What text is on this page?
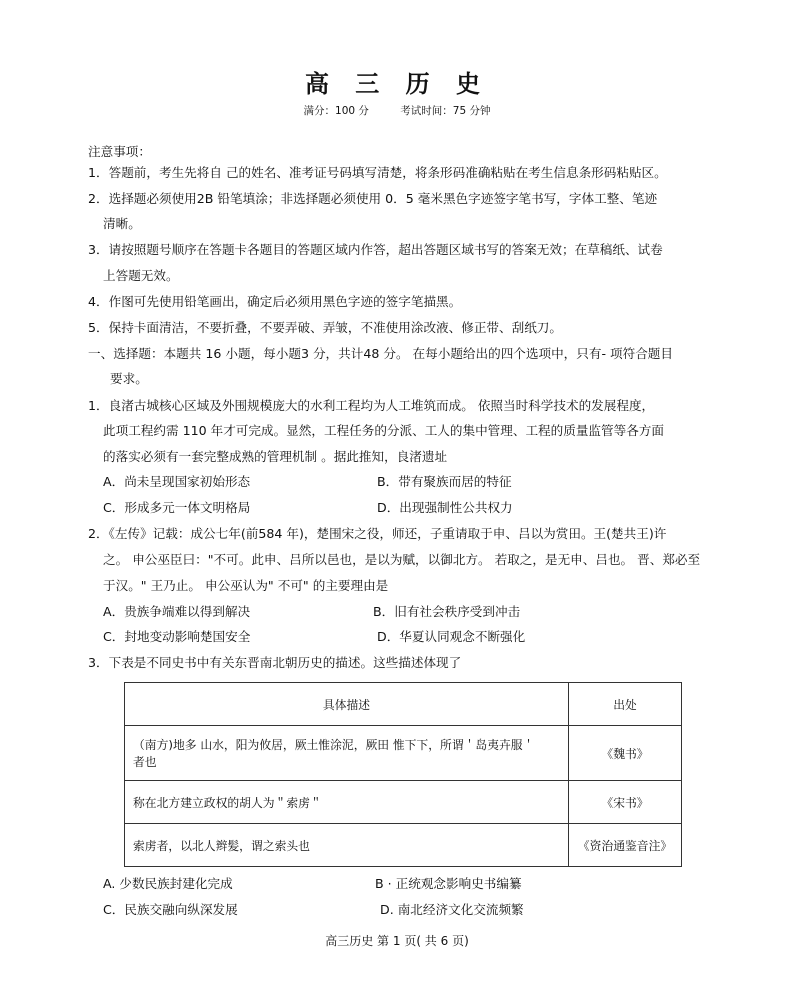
高 三 历 史
满分：100 分	考试时间：75 分钟
注意事项：
1．答题前，考生先将自 己的姓名、准考证号码填写清楚，将条形码准确粘贴在考生信息条形码粘贴区。
2．选择题必须使用2B 铅笔填涂；非选择题必须使用 0．5 毫米黑色字迹签字笔书写，字体工整、笔迹
清晰。
3．请按照题号顺序在答题卡各题目的答题区域内作答，超出答题区域书写的答案无效；在草稿纸、试卷
上答题无效。
4．作图可先使用铅笔画出，确定后必须用黑色字迹的签字笔描黑。
5．保持卡面清洁，不要折叠，不要弄破、弄皱，不准使用涂改液、修正带、刮纸刀。
一、选择题：本题共 16 小题，每小题3 分，共计48 分。 在每小题给出的四个选项中，只有- 项符合题目
要求。
1．良渚古城核心区域及外围规模庞大的水利工程均为人工堆筑而成。 依照当时科学技术的发展程度，
此项工程约需 110 年才可完成。显然，工程任务的分派、工人的集中管理、工程的质量监管等各方面
的落实必须有一套完整成熟的管理机制 。据此推知，良渚遗址
A．尚未呈现国家初始形态	B．带有聚族而居的特征
C．形成多元一体文明格局	D．出现强制性公共权力
2．《左传》记载：成公七年(前584 年)，楚围宋之役，师还，子重请取于申、吕以为赏田。王(楚共王)许
之。 申公巫臣曰："不可。此申、吕所以邑也，是以为赋，以御北方。 若取之，是无申、吕也。 晋、郑必至
于汉。" 王乃止。 申公巫认为" 不可" 的主要理由是
A．贵族争端难以得到解决	B．旧有社会秩序受到冲击
C．封地变动影响楚国安全	D．华夏认同观念不断强化
3．下表是不同史书中有关东晋南北朝历史的描述。这些描述体现了
具体描述	出处

（南方)地多 山水，阳为攸居，厥土惟涂泥，厥田 惟下下，所谓＇岛夷卉服＇
者也	《魏书》
称在北方建立政权的胡人为＂索虏＂	《宋书》
索虏者，以北人辫髪，谓之索头也	《资治通鉴音注》
A. 少数民族封建化完成	B · 正统观念影响史书编纂
C．民族交融向纵深发展	D. 南北经济文化交流频繁
高三历史 第 1 页( 共 6 页)
